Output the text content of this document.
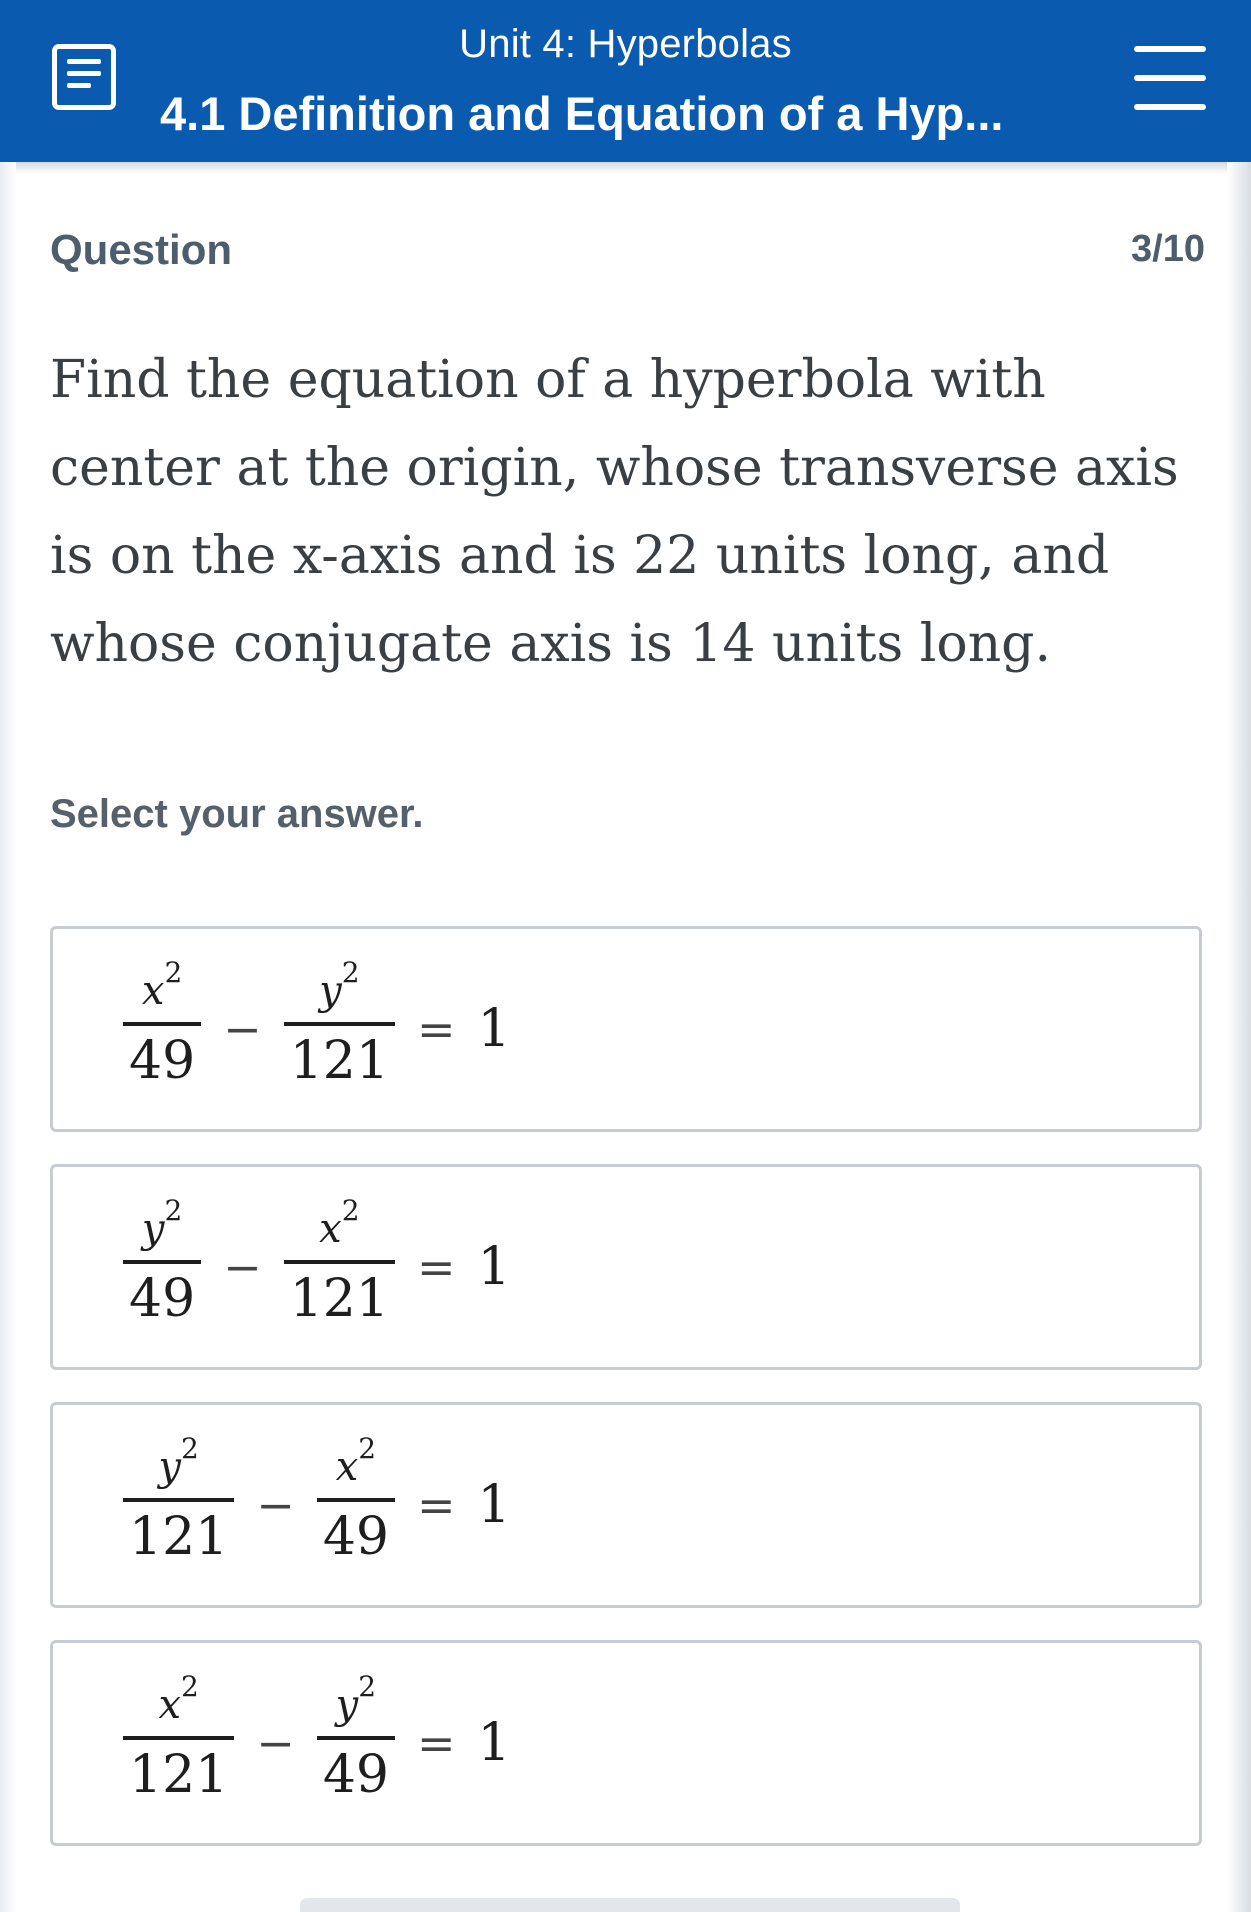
Unit 4: Hyperbolas
4.1 Definition and Equation of a Hyp...
Question	3/10
Find the equation of a hyperbola with center at the origin, whose transverse axis is on the x-axis and is 22 units long, and whose conjugate axis is 14 units long.
Select your answer.
$\frac{x^2}{49} - \frac{y^2}{121} = 1$
$\frac{y^2}{49} - \frac{x^2}{121} = 1$
$\frac{y^2}{121} - \frac{x^2}{49} = 1$
$\frac{x^2}{121} - \frac{y^2}{49} = 1$
